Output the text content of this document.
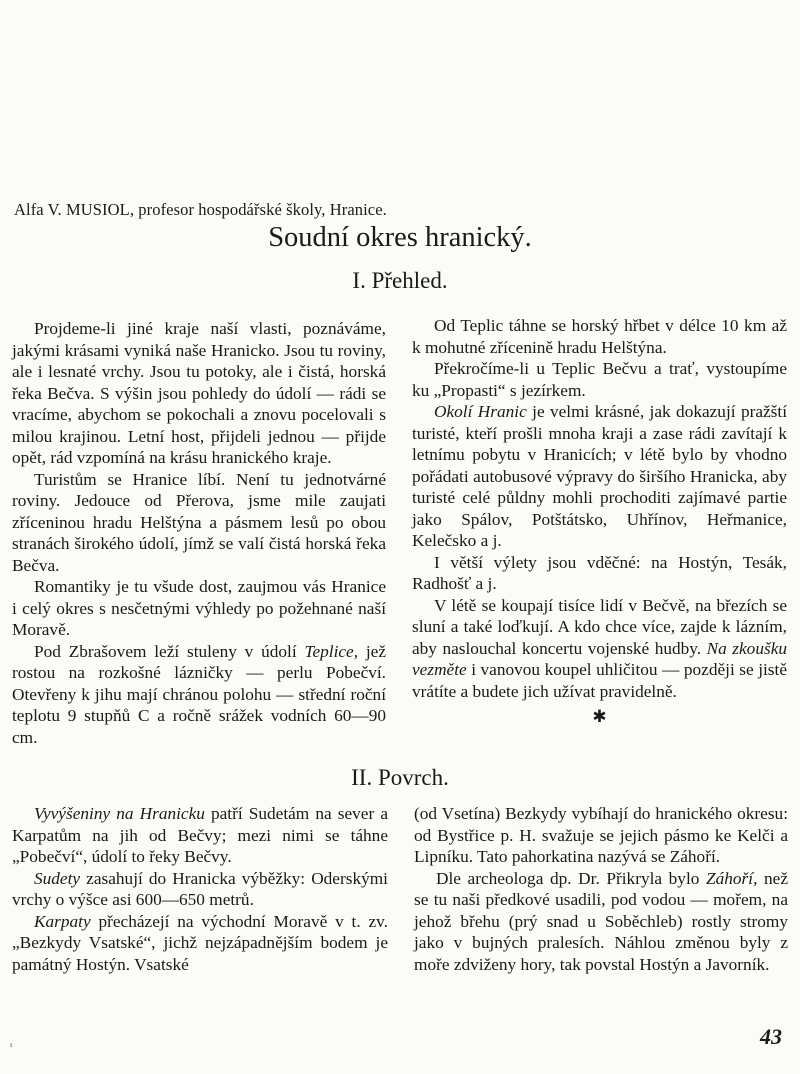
Alfa V. MUSIOL, profesor hospodářské školy, Hranice.
Soudní okres hranický.
I. Přehled.

Projdeme-li jiné kraje naší vlasti, poznáváme, jakými krásami vyniká naše Hranicko. Jsou tu roviny, ale i lesnaté vrchy. Jsou tu potoky, ale i čistá, horská řeka Bečva. S výšin jsou pohledy do údolí — rádi se vracíme, abychom se pokochali a znovu pocelovali s milou krajinou. Letní host, přijdeli jednou — přijde opět, rád vzpomíná na krásu hranického kraje.

Turistům se Hranice líbí. Není tu jednotvárné roviny. Jedouce od Přerova, jsme mile zaujati zříceninou hradu Helštýna a pásmem lesů po obou stranách širokého údolí, jímž se valí čistá horská řeka Bečva.

Romantiky je tu všude dost, zaujmou vás Hranice i celý okres s nesčetnými výhledy po požehnané naší Moravě.

Pod Zbrašovem leží stuleny v údolí Teplice, jež rostou na rozkošné lázničky — perlu Pobečví. Otevřeny k jihu mají chránou polohu — střední roční teplotu 9 stupňů C a ročně srážek vodních 60—90 cm.

Od Teplic táhne se horský hřbet v délce 10 km až k mohutné zřícenině hradu Helštýna.

Překročíme-li u Teplic Bečvu a trať, vystoupíme ku „Propasti“ s jezírkem.

Okolí Hranic je velmi krásné, jak dokazují pražští turisté, kteří prošli mnoha kraji a zase rádi zavítají k letnímu pobytu v Hranicích; v létě bylo by vhodno pořádati autobusové výpravy do širšího Hranicka, aby turisté celé půldny mohli prochoditi zajímavé partie jako Spálov, Potštátsko, Uhřínov, Heřmanice, Kelečsko a j.

I větší výlety jsou vděčné: na Hostýn, Tesák, Radhošť a j.

V létě se koupají tisíce lidí v Bečvě, na březích se sluní a také loďkují. A kdo chce více, zajde k lázním, aby naslouchal koncertu vojenské hudby. Na zkoušku vezměte i vanovou koupel uhličitou — později se jistě vrátíte a budete jich užívat pravidelně.

✱
II. Povrch.

Vyvýšeniny na Hranicku patří Sudetám na sever a Karpatům na jih od Bečvy; mezi nimi se táhne „Pobečví“, údolí to řeky Bečvy.

Sudety zasahují do Hranicka výběžky: Oderskými vrchy o výšce asi 600—650 metrů.

Karpaty přecházejí na východní Moravě v t. zv. „Bezkydy Vsatské“, jichž nejzápadnějším bodem je památný Hostýn. Vsatské

(od Vsetína) Bezkydy vybíhají do hranického okresu: od Bystřice p. H. svažuje se jejich pásmo ke Kelči a Lipníku. Tato pahorkatina nazývá se Záhoří.

Dle archeologa dp. Dr. Přikryla bylo Záhoří, než se tu naši předkové usadili, pod vodou — mořem, na jehož břehu (prý snad u Soběchleb) rostly stromy jako v bujných pralesích. Náhlou změnou byly z moře zdviženy hory, tak povstal Hostýn a Javorník.

43
ı
